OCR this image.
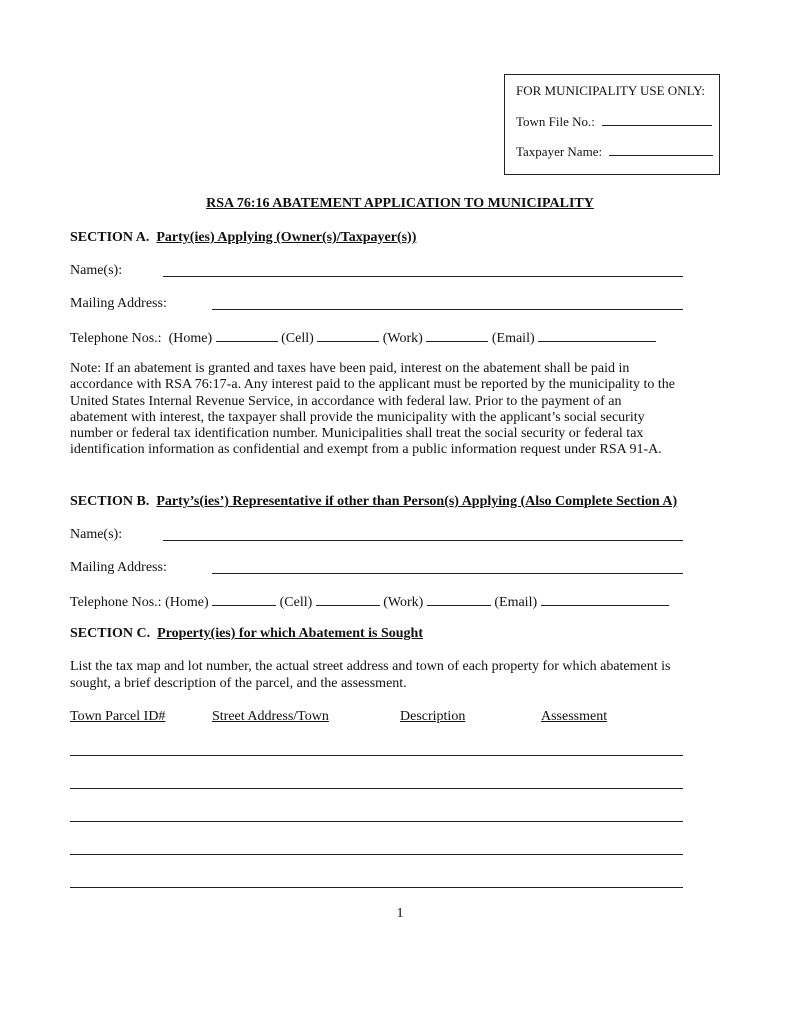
FOR MUNICIPALITY USE ONLY:
Town File No.:
Taxpayer Name:
RSA 76:16 ABATEMENT APPLICATION TO MUNICIPALITY
SECTION A. Party(ies) Applying (Owner(s)/Taxpayer(s))
Name(s):
Mailing Address:
Telephone Nos.: (Home)	(Cell)	(Work)	(Email)
Note: If an abatement is granted and taxes have been paid, interest on the abatement shall be paid in accordance with RSA 76:17-a. Any interest paid to the applicant must be reported by the municipality to the United States Internal Revenue Service, in accordance with federal law. Prior to the payment of an abatement with interest, the taxpayer shall provide the municipality with the applicant’s social security number or federal tax identification number. Municipalities shall treat the social security or federal tax identification information as confidential and exempt from a public information request under RSA 91-A.
SECTION B. Party’s(ies’) Representative if other than Person(s) Applying (Also Complete Section A)
Name(s):
Mailing Address:
Telephone Nos.: (Home)	(Cell)	(Work)	(Email)
SECTION C. Property(ies) for which Abatement is Sought
List the tax map and lot number, the actual street address and town of each property for which abatement is sought, a brief description of the parcel, and the assessment.
Town Parcel ID#	Street Address/Town	Description	Assessment
1
